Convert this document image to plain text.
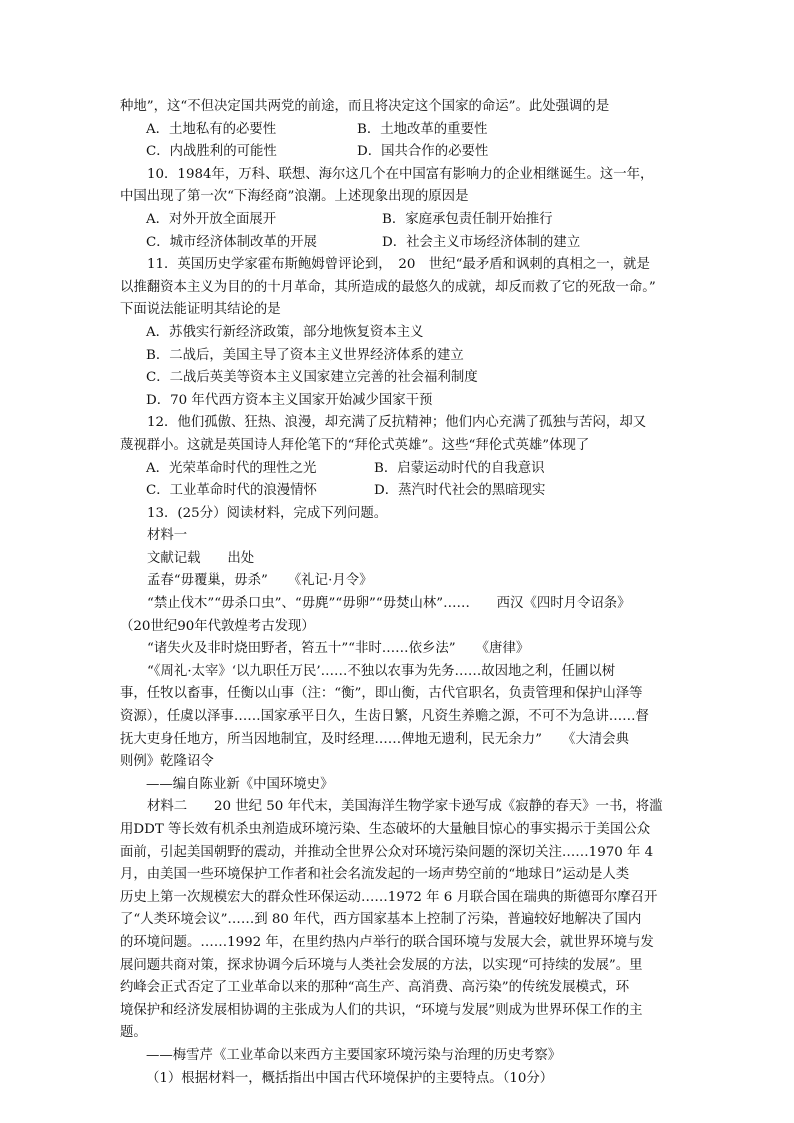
种地”，这“不但决定国共两党的前途，而且将决定这个国家的命运”。此处强调的是
A．土地私有的必要性	B．土地改革的重要性
C．内战胜利的可能性	D．国共合作的必要性
10．1984年，万科、联想、海尔这几个在中国富有影响力的企业相继诞生。这一年，
中国出现了第一次“下海经商”浪潮。上述现象出现的原因是
A．对外开放全面展开	B．家庭承包责任制开始推行
C．城市经济体制改革的开展	D．社会主义市场经济体制的建立
11．英国历史学家霍布斯鲍姆曾评论到，　20　世纪“最矛盾和讽刺的真相之一，就是
以推翻资本主义为目的的十月革命，其所造成的最悠久的成就，却反而救了它的死敌一命。”
下面说法能证明其结论的是
A．苏俄实行新经济政策，部分地恢复资本主义
B．二战后，美国主导了资本主义世界经济体系的建立
C．二战后英美等资本主义国家建立完善的社会福利制度
D．70 年代西方资本主义国家开始减少国家干预
12．他们孤傲、狂热、浪漫，却充满了反抗精神；他们内心充满了孤独与苦闷，却又
蔑视群小。这就是英国诗人拜伦笔下的“拜伦式英雄”。这些“拜伦式英雄”体现了
A．光荣革命时代的理性之光	B．启蒙运动时代的自我意识
C．工业革命时代的浪漫情怀	D．蒸汽时代社会的黑暗现实
13．(25分）阅读材料，完成下列问题。
材料一
文献记载　　出处
孟春“毋覆巢，毋杀”　　《礼记·月令》
“禁止伐木”“毋杀口虫”、“毋麂”“毋卵”“毋焚山林”……　　西汉《四时月令诏条》
（20世纪90年代敦煌考古发现）
“诸失火及非时烧田野者，笞五十”“非时……依乡法”　　《唐律》
“《周礼·太宰》‘以九职任万民’……不独以农事为先务……故因地之利，任圃以树
事，任牧以畜事，任衡以山事（注：“衡”，即山衡，古代官职名，负责管理和保护山泽等
资源），任虞以泽事……国家承平日久，生齿日繁，凡资生养赡之源，不可不为急讲……督
抚大吏身任地方，所当因地制宜，及时经理……俾地无遗利，民无余力”　　《大清会典
则例》乾隆诏令
——编自陈业新《中国环境史》
材料二　　20 世纪 50 年代末，美国海洋生物学家卡逊写成《寂静的春天》一书，将滥
用DDT 等长效有机杀虫剂造成环境污染、生态破坏的大量触目惊心的事实揭示于美国公众
面前，引起美国朝野的震动，并推动全世界公众对环境污染问题的深切关注……1970 年 4
月，由美国一些环境保护工作者和社会名流发起的一场声势空前的“地球日”运动是人类
历史上第一次规模宏大的群众性环保运动……1972 年 6 月联合国在瑞典的斯德哥尔摩召开
了“人类环境会议”……到 80 年代，西方国家基本上控制了污染，普遍较好地解决了国内
的环境问题。……1992 年，在里约热内卢举行的联合国环境与发展大会，就世界环境与发
展问题共商对策，探求协调今后环境与人类社会发展的方法，以实现“可持续的发展”。里
约峰会正式否定了工业革命以来的那种“高生产、高消费、高污染”的传统发展模式，环
境保护和经济发展相协调的主张成为人们的共识，“环境与发展”则成为世界环保工作的主
题。
——梅雪芹《工业革命以来西方主要国家环境污染与治理的历史考察》
（1）根据材料一，概括指出中国古代环境保护的主要特点。（10分）
